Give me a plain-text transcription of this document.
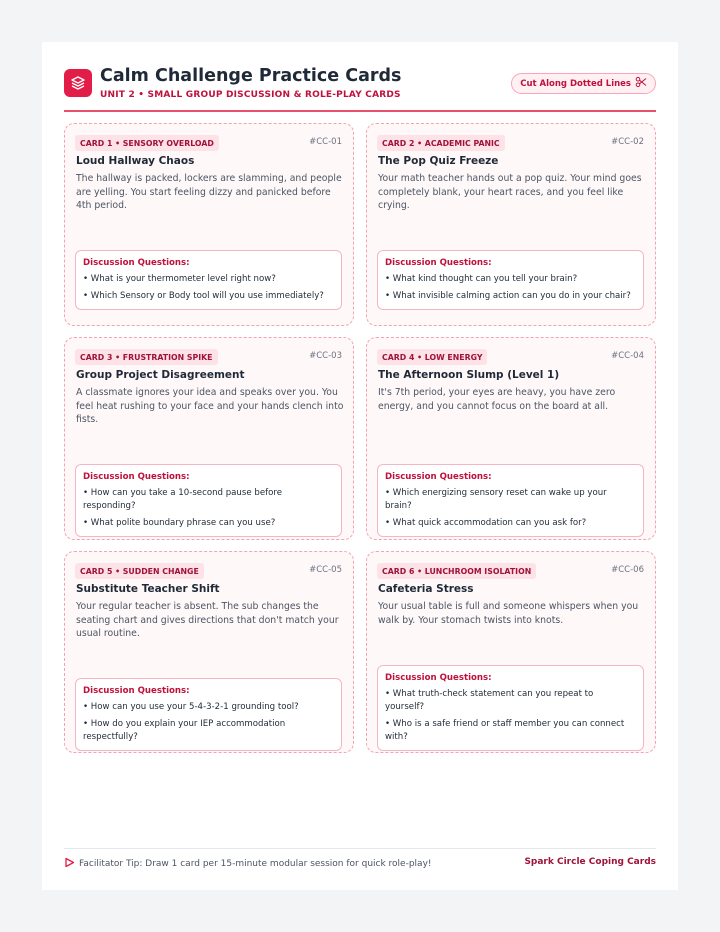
Calm Challenge Practice Cards
UNIT 2 • SMALL GROUP DISCUSSION & ROLE-PLAY CARDS
Cut Along Dotted Lines
CARD 1 • SENSORY OVERLOAD	#CC-01
Loud Hallway Chaos
The hallway is packed, lockers are slamming, and people are yelling. You start feeling dizzy and panicked before 4th period.
Discussion Questions:
• What is your thermometer level right now?
• Which Sensory or Body tool will you use immediately?
CARD 2 • ACADEMIC PANIC	#CC-02
The Pop Quiz Freeze
Your math teacher hands out a pop quiz. Your mind goes completely blank, your heart races, and you feel like crying.
Discussion Questions:
• What kind thought can you tell your brain?
• What invisible calming action can you do in your chair?
CARD 3 • FRUSTRATION SPIKE	#CC-03
Group Project Disagreement
A classmate ignores your idea and speaks over you. You feel heat rushing to your face and your hands clench into fists.
Discussion Questions:
• How can you take a 10-second pause before responding?
• What polite boundary phrase can you use?
CARD 4 • LOW ENERGY	#CC-04
The Afternoon Slump (Level 1)
It's 7th period, your eyes are heavy, you have zero energy, and you cannot focus on the board at all.
Discussion Questions:
• Which energizing sensory reset can wake up your brain?
• What quick accommodation can you ask for?
CARD 5 • SUDDEN CHANGE	#CC-05
Substitute Teacher Shift
Your regular teacher is absent. The sub changes the seating chart and gives directions that don't match your usual routine.
Discussion Questions:
• How can you use your 5-4-3-2-1 grounding tool?
• How do you explain your IEP accommodation respectfully?
CARD 6 • LUNCHROOM ISOLATION	#CC-06
Cafeteria Stress
Your usual table is full and someone whispers when you walk by. Your stomach twists into knots.
Discussion Questions:
• What truth-check statement can you repeat to yourself?
• Who is a safe friend or staff member you can connect with?
Facilitator Tip: Draw 1 card per 15-minute modular session for quick role-play!	Spark Circle Coping Cards
